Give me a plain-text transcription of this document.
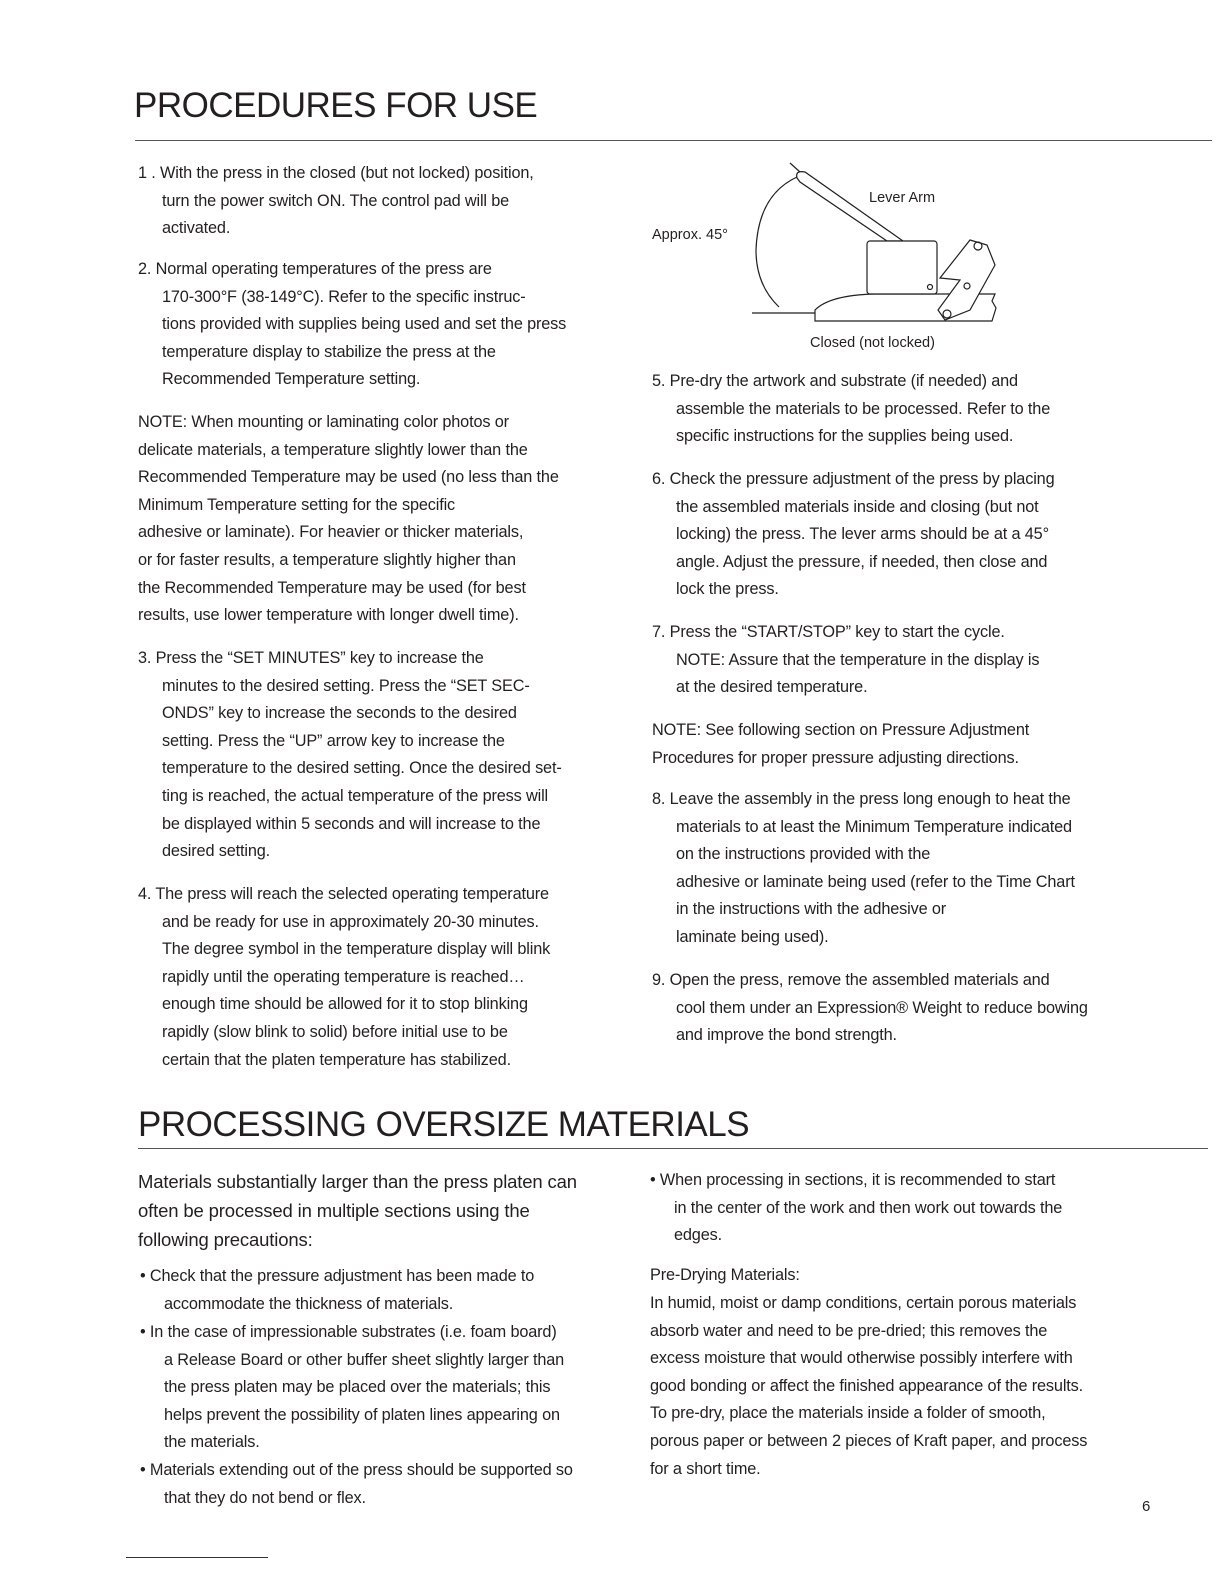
PROCEDURES FOR USE
1 . With the press in the closed (but not locked) position,
turn the power switch ON. The control pad will be
activated.
2. Normal operating temperatures of the press are
170-300°F (38-149°C). Refer to the specific instruc-
tions provided with supplies being used and set the press
temperature display to stabilize the press at the
Recommended Temperature setting.
NOTE: When mounting or laminating color photos or
delicate materials, a temperature slightly lower than the
Recommended Temperature may be used (no less than the
Minimum Temperature setting for the specific
adhesive or laminate). For heavier or thicker materials,
or for faster results, a temperature slightly higher than
the Recommended Temperature may be used (for best
results, use lower temperature with longer dwell time).
3. Press the “SET MINUTES” key to increase the
minutes to the desired setting. Press the “SET SEC-
ONDS” key to increase the seconds to the desired
setting. Press the “UP” arrow key to increase the
temperature to the desired setting. Once the desired set-
ting is reached, the actual temperature of the press will
be displayed within 5 seconds and will increase to the
desired setting.
4. The press will reach the selected operating temperature
and be ready for use in approximately 20-30 minutes.
The degree symbol in the temperature display will blink
rapidly until the operating temperature is reached…
enough time should be allowed for it to stop blinking
rapidly (slow blink to solid) before initial use to be
certain that the platen temperature has stabilized.
Approx. 45°
Lever Arm
Closed (not locked)
5. Pre-dry the artwork and substrate (if needed) and
assemble the materials to be processed. Refer to the
specific instructions for the supplies being used.
6. Check the pressure adjustment of the press by placing
the assembled materials inside and closing (but not
locking) the press. The lever arms should be at a 45°
angle. Adjust the pressure, if needed, then close and
lock the press.
7. Press the “START/STOP” key to start the cycle.
NOTE: Assure that the temperature in the display is
at the desired temperature.
NOTE: See following section on Pressure Adjustment
Procedures for proper pressure adjusting directions.
8. Leave the assembly in the press long enough to heat the
materials to at least the Minimum Temperature indicated
on the instructions provided with the
adhesive or laminate being used (refer to the Time Chart
in the instructions with the adhesive or
laminate being used).
9. Open the press, remove the assembled materials and
cool them under an Expression® Weight to reduce bowing
and improve the bond strength.
PROCESSING OVERSIZE MATERIALS
Materials substantially larger than the press platen can
often be processed in multiple sections using the
following precautions:
• Check that the pressure adjustment has been made to
accommodate the thickness of materials.
• In the case of impressionable substrates (i.e. foam board)
a Release Board or other buffer sheet slightly larger than
the press platen may be placed over the materials; this
helps prevent the possibility of platen lines appearing on
the materials.
• Materials extending out of the press should be supported so
that they do not bend or flex.
• When processing in sections, it is recommended to start
in the center of the work and then work out towards the
edges.
Pre-Drying Materials:
In humid, moist or damp conditions, certain porous materials
absorb water and need to be pre-dried; this removes the
excess moisture that would otherwise possibly interfere with
good bonding or affect the finished appearance of the results.
To pre-dry, place the materials inside a folder of smooth,
porous paper or between 2 pieces of Kraft paper, and process
for a short time.
6
